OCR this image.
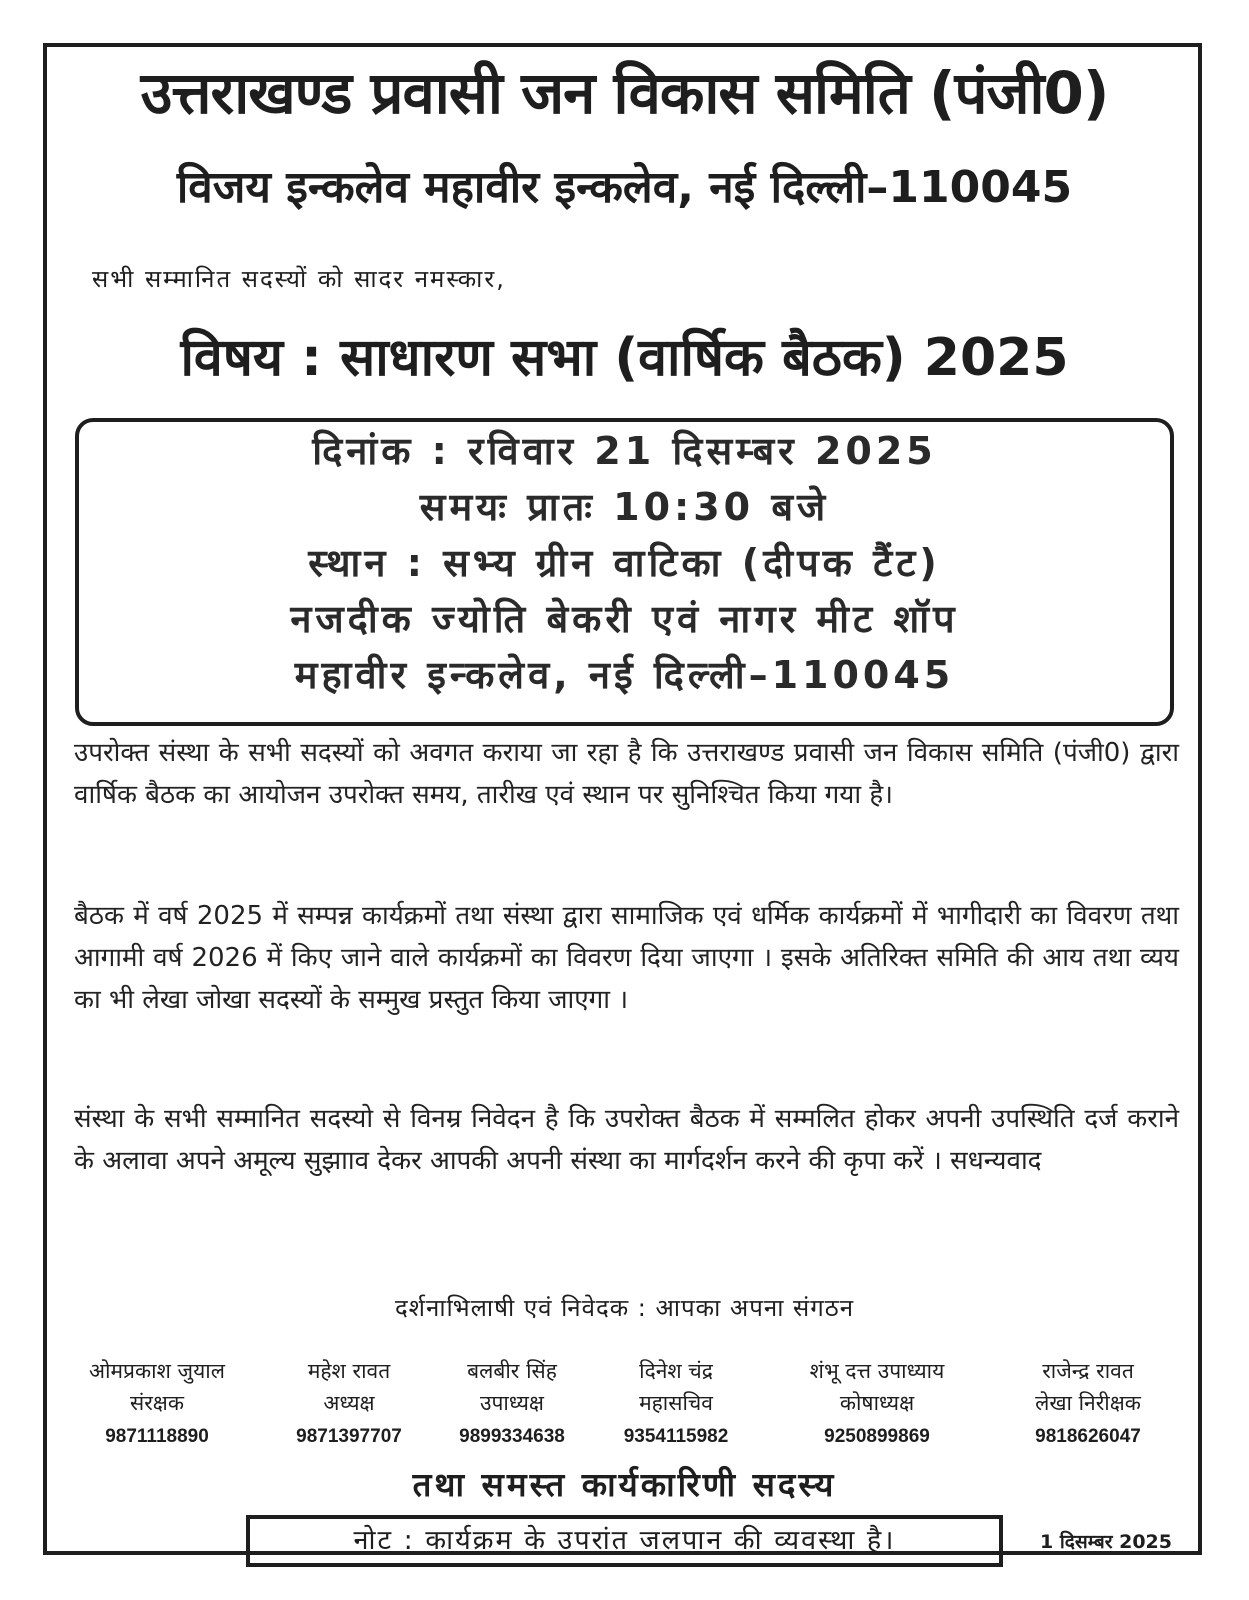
उत्तराखण्ड प्रवासी जन विकास समिति (पंजी0)
विजय इन्कलेव महावीर इन्कलेव, नई दिल्ली–110045
सभी सम्मानित सदस्यों को सादर नमस्कार,
विषय : साधारण सभा (वार्षिक बैठक) 2025
दिनांक : रविवार 21 दिसम्बर 2025
समयः प्रातः 10:30 बजे
स्थान : सभ्य ग्रीन वाटिका (दीपक टैंट)
नजदीक ज्योति बेकरी एवं नागर मीट शॉप
महावीर इन्कलेव, नई दिल्ली–110045
उपरोक्त संस्था के सभी सदस्यों को अवगत कराया जा रहा है कि उत्तराखण्ड प्रवासी जन विकास समिति (पंजी0) द्वारा वार्षिक बैठक का आयोजन उपरोक्त समय, तारीख एवं स्थान पर सुनिश्चित किया गया है।
बैठक में वर्ष 2025 में सम्पन्न कार्यक्रमों तथा संस्था द्वारा सामाजिक एवं धर्मिक कार्यक्रमों में भागीदारी का विवरण तथा आगामी वर्ष 2026 में किए जाने वाले कार्यक्रमों का विवरण दिया जाएगा । इसके अतिरिक्त समिति की आय तथा व्यय का भी लेखा जोखा सदस्यों के सम्मुख प्रस्तुत किया जाएगा ।
संस्था के सभी सम्मानित सदस्यो से विनम्र निवेदन है कि उपरोक्त बैठक में सम्मलित होकर अपनी उपस्थिति दर्ज कराने के अलावा अपने अमूल्य सुझााव देकर आपकी अपनी संस्था का मार्गदर्शन करने की कृपा करें । सधन्यवाद
दर्शनाभिलाषी एवं निवेदक : आपका अपना संगठन
ओमप्रकाश जुयाल
संरक्षक
9871118890
महेश रावत
अध्यक्ष
9871397707
बलबीर सिंह
उपाध्यक्ष
9899334638
दिनेश चंद्र
महासचिव
9354115982
शंभू दत्त उपाध्याय
कोषाध्यक्ष
9250899869
राजेन्द्र रावत
लेखा निरीक्षक
9818626047
तथा समस्त कार्यकारिणी सदस्य
नोट : कार्यक्रम के उपरांत जलपान की व्यवस्था है।	1 दिसम्बर 2025
